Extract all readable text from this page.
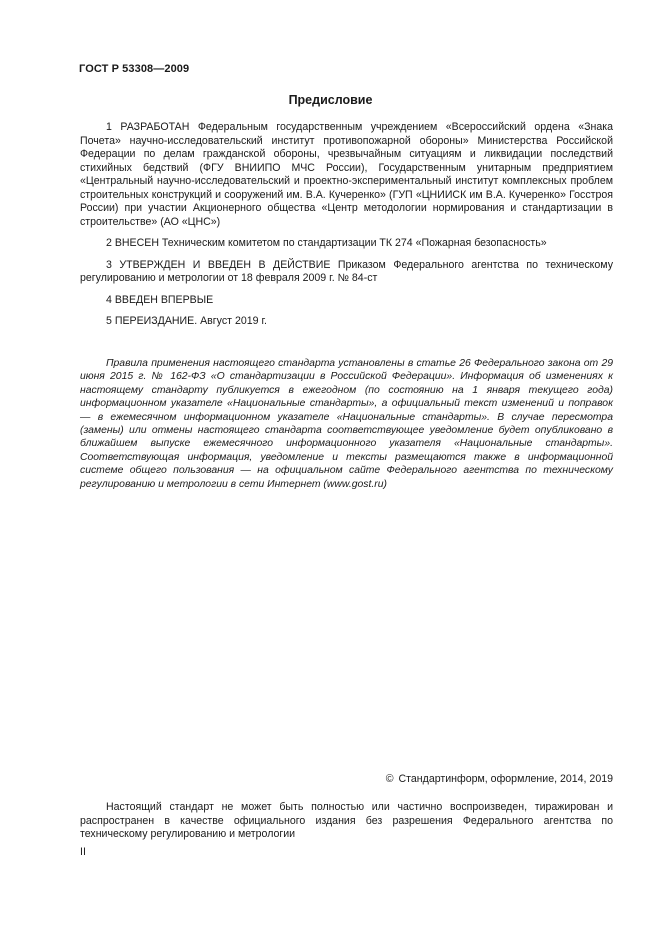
ГОСТ Р 53308—2009
Предисловие

1 РАЗРАБОТАН Федеральным государственным учреждением «Всероссийский ордена «Знака Почета» научно-исследовательский институт противопожарной обороны» Министерства Российской Федерации по делам гражданской обороны, чрезвычайным ситуациям и ликвидации последствий стихийных бедствий (ФГУ ВНИИПО МЧС России), Государственным унитарным предприятием «Центральный научно-исследовательский и проектно-экспериментальный институт комплексных проблем строительных конструкций и сооружений им. В.А. Кучеренко» (ГУП «ЦНИИСК им В.А. Кучеренко» Госстроя России) при участии Акционерного общества «Центр методологии нормирования и стандартизации в строительстве» (АО «ЦНС»)

2 ВНЕСЕН Техническим комитетом по стандартизации ТК 274 «Пожарная безопасность»

3 УТВЕРЖДЕН И ВВЕДЕН В ДЕЙСТВИЕ Приказом Федерального агентства по техническому регулированию и метрологии от 18 февраля 2009 г. № 84-ст

4 ВВЕДЕН ВПЕРВЫЕ

5 ПЕРЕИЗДАНИЕ. Август 2019 г.

Правила применения настоящего стандарта установлены в статье 26 Федерального закона от 29 июня 2015 г. № 162-ФЗ «О стандартизации в Российской Федерации». Информация об изменениях к настоящему стандарту публикуется в ежегодном (по состоянию на 1 января текущего года) информационном указателе «Национальные стандарты», а официальный текст изменений и поправок — в ежемесячном информационном указателе «Национальные стандарты». В случае пересмотра (замены) или отмены настоящего стандарта соответствующее уведомление будет опубликовано в ближайшем выпуске ежемесячного информационного указателя «Национальные стандарты». Соответствующая информация, уведомление и тексты размещаются также в информационной системе общего пользования — на официальном сайте Федерального агентства по техническому регулированию и метрологии в сети Интернет (www.gost.ru)

© Стандартинформ, оформление, 2014, 2019

Настоящий стандарт не может быть полностью или частично воспроизведен, тиражирован и распространен в качестве официального издания без разрешения Федерального агентства по техническому регулированию и метрологии

II
